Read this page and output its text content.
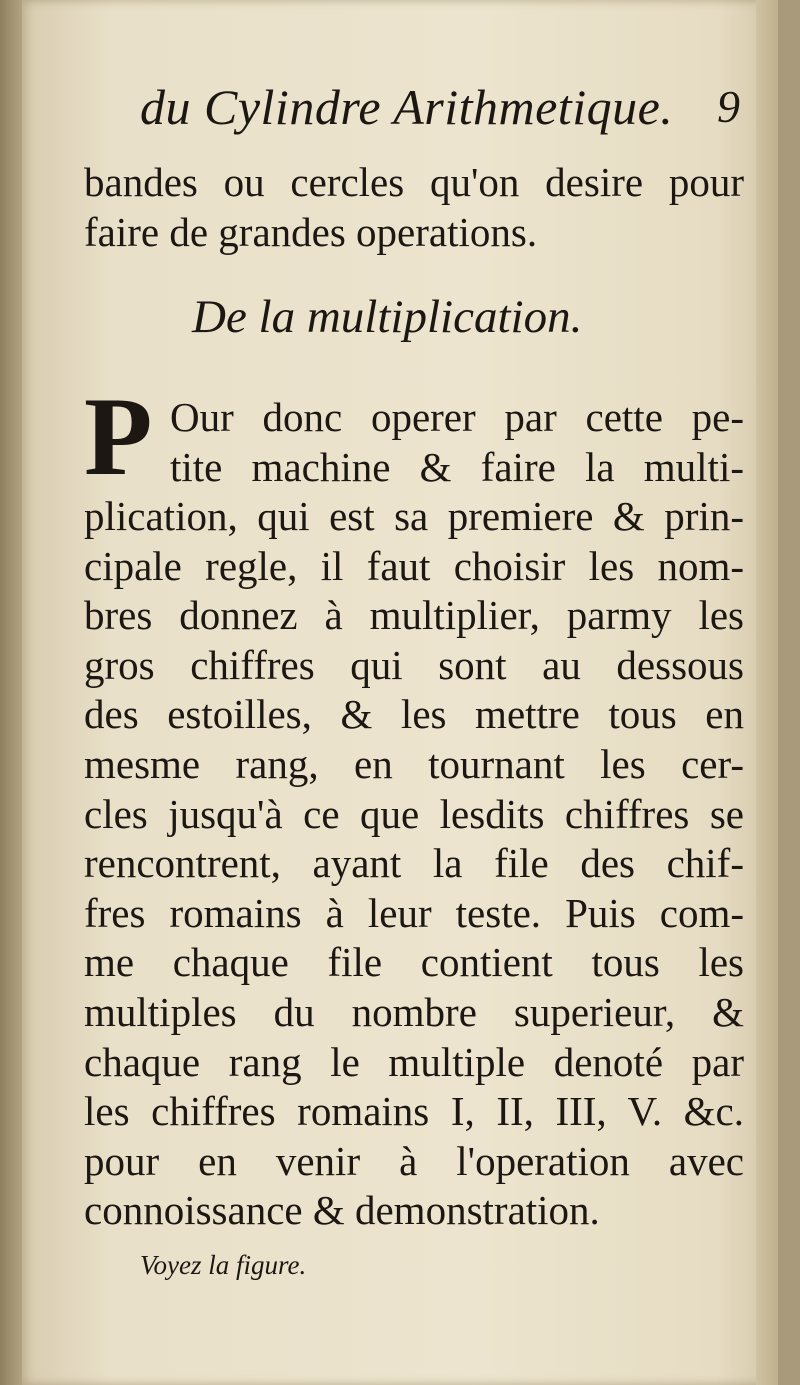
du Cylindre Arithmetique. 9
bandes ou cercles qu'on desire pour
faire de grandes operations.
De la multiplication.
P Our donc operer par cette pe-
tite machine & faire la multi-
plication, qui est sa premiere & prin-
cipale regle, il faut choisir les nom-
bres donnez à multiplier, parmy les
gros chiffres qui sont au dessous
des estoilles, & les mettre tous en
mesme rang, en tournant les cer-
cles jusqu'à ce que lesdits chiffres se
rencontrent, ayant la file des chif-
fres romains à leur teste. Puis com-
me chaque file contient tous les
multiples du nombre superieur, &
chaque rang le multiple denoté par
les chiffres romains I, II, III, V. &c.
pour en venir à l'operation avec
connoissance & demonstration.
Voyez la figure.
